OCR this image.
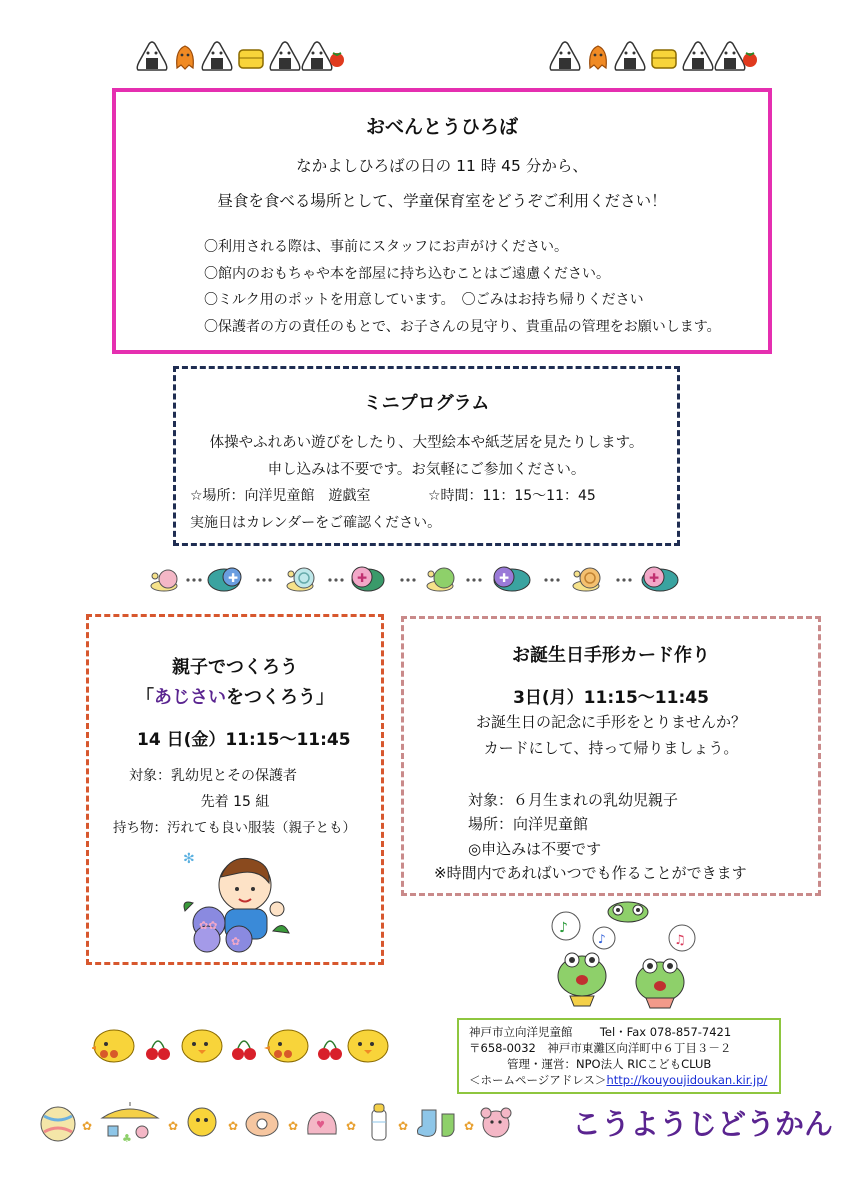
おべんとうひろば
なかよしひろばの日の 11 時 45 分から、
昼食を食べる場所として、学童保育室をどうぞご利用ください！
〇利用される際は、事前にスタッフにお声がけください。
〇館内のおもちゃや本を部屋に持ち込むことはご遠慮ください。
〇ミルク用のポットを用意しています。　〇ごみはお持ち帰りください
〇保護者の方の責任のもとで、お子さんの見守り、貴重品の管理をお願いします。
ミニプログラム
体操やふれあい遊びをしたり、大型絵本や紙芝居を見たりします。
申し込みは不要です。お気軽にご参加ください。
☆場所：向洋児童館　遊戯室	☆時間：11：15〜11：45
実施日はカレンダーをご確認ください。
✚	✚	✚	✚
親子でつくろう
「あじさいをつくろう」
14 日(金）11:15〜11:45
対象：乳幼児とその保護者
先着 15 組
持ち物：汚れても良い服装（親子とも）
✻
✿✿
✿
お誕生日手形カード作り
3日(月）11:15〜11:45
お誕生日の記念に手形をとりませんか？
カードにして、持って帰りましょう。
対象：６月生まれの乳幼児親子
場所：向洋児童館
◎申込みは不要です
※時間内であればいつでも作ることができます
♪
♪	♫
神戸市立向洋児童館 Tel・Fax 078-857-7421
〒658-0032　神戸市東灘区向洋町中６丁目３－２
管理・運営：NPO法人 RICこどもCLUB
＜ホームページアドレス＞http://kouyoujidoukan.kir.jp/
✿
♣
✿	✿	✿ ♥ ✿	✿	✿	こうようじどうかん
